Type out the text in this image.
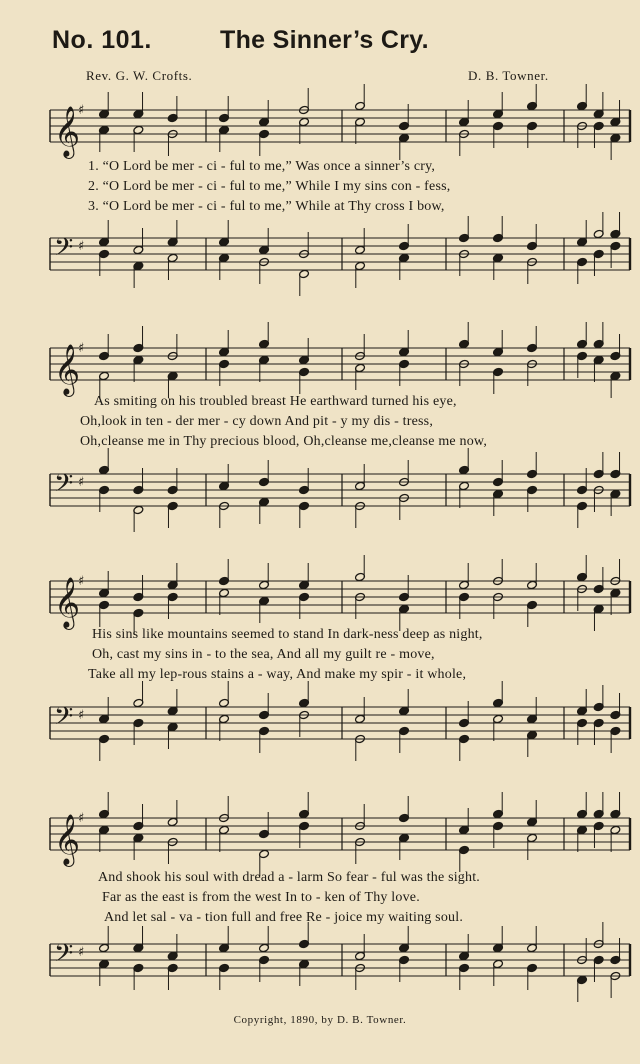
No. 101.	The Sinner’s Cry.
Rev. G. W. Crofts.	D. B. Towner.
𝄞
♯
1. “O Lord be mer - ci - ful to me,” Was once a sinner’s cry,
2. “O Lord be mer - ci - ful to me,” While I my sins con - fess,
3. “O Lord be mer - ci - ful to me,” While at Thy cross I bow,
𝄢 ♯
𝄞
♯
As smiting on his troubled breast He earthward turned his eye,
Oh,look in ten - der mer - cy down And pit - y my dis - tress,
Oh,cleanse me in Thy precious blood, Oh,cleanse me,cleanse me now,
𝄢 ♯
𝄞
♯
His sins like mountains seemed to stand In dark-ness deep as night,
Oh, cast my sins in - to the sea, And all my guilt re - move,
Take all my lep-rous stains a - way, And make my spir - it whole,
𝄢 ♯
𝄞
♯
And shook his soul with dread a - larm So fear - ful was the sight.
Far as the east is from the west In to - ken of Thy love.
And let sal - va - tion full and free Re - joice my waiting soul.
𝄢 ♯
Copyright, 1890, by D. B. Towner.
